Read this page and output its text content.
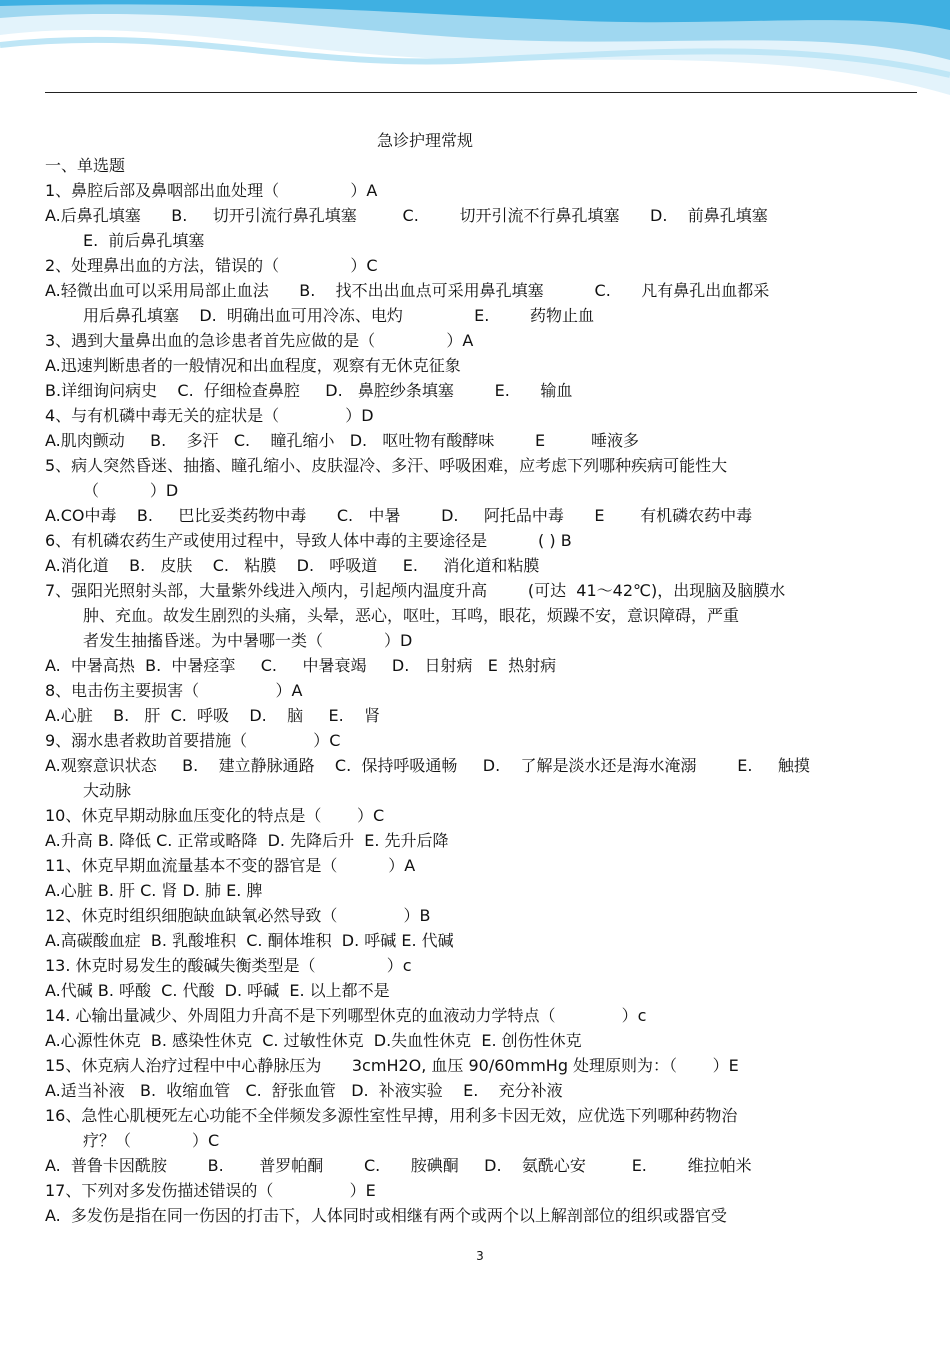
急诊护理常规
一、单选题
1、鼻腔后部及鼻咽部出血处理（              ）A
A.后鼻孔填塞      B.     切开引流行鼻孔填塞         C.        切开引流不行鼻孔填塞      D.    前鼻孔填塞
E.  前后鼻孔填塞
2、处理鼻出血的方法，错误的（              ）C
A.轻微出血可以采用局部止血法      B.    找不出出血点可采用鼻孔填塞          C.      凡有鼻孔出血都采
用后鼻孔填塞    D.  明确出血可用冷冻、电灼              E.        药物止血
3、遇到大量鼻出血的急诊患者首先应做的是（              ）A
A.迅速判断患者的一般情况和出血程度，观察有无休克征象
B.详细询问病史    C.  仔细检查鼻腔     D.   鼻腔纱条填塞        E.      输血
4、与有机磷中毒无关的症状是（             ）D
A.肌肉颤动     B.    多汗   C.    瞳孔缩小   D.   呕吐物有酸酵味        E         唾液多
5、病人突然昏迷、抽搐、瞳孔缩小、皮肤湿冷、多汗、呼吸困难，应考虑下列哪种疾病可能性大
（          ）D
A.CO中毒    B.     巴比妥类药物中毒      C.   中暑        D.     阿托品中毒      E       有机磷农药中毒
6、有机磷农药生产或使用过程中，导致人体中毒的主要途径是          ( ) B
A.消化道    B.   皮肤    C.   粘膜    D.   呼吸道     E.     消化道和粘膜
7、强阳光照射头部，大量紫外线进入颅内，引起颅内温度升高        (可达  41～42℃)，出现脑及脑膜水
肿、充血。故发生剧烈的头痛，头晕，恶心，呕吐，耳鸣，眼花，烦躁不安，意识障碍，严重
者发生抽搐昏迷。为中暑哪一类（            ）D
A.  中暑高热  B.  中暑痉挛     C.     中暑衰竭     D.   日射病   E  热射病
8、电击伤主要损害（               ）A
A.心脏    B.   肝  C.  呼吸    D.    脑     E.    肾
9、溺水患者救助首要措施（             ）C
A.观察意识状态     B.    建立静脉通路    C.  保持呼吸通畅     D.    了解是淡水还是海水淹溺        E.     触摸
大动脉
10、休克早期动脉血压变化的特点是（       ）C
A.升高 B. 降低 C. 正常或略降  D. 先降后升  E. 先升后降
11、休克早期血流量基本不变的器官是（          ）A
A.心脏 B. 肝 C. 肾 D. 肺 E. 脾
12、休克时组织细胞缺血缺氧必然导致（             ）B
A.高碳酸血症  B. 乳酸堆积  C. 酮体堆积  D. 呼碱 E. 代碱
13. 休克时易发生的酸碱失衡类型是（              ）c
A.代碱 B. 呼酸  C. 代酸  D. 呼碱  E. 以上都不是
14. 心输出量减少、外周阻力升高不是下列哪型休克的血液动力学特点（             ）c
A.心源性休克  B. 感染性休克  C. 过敏性休克  D.失血性休克  E. 创伤性休克
15、休克病人治疗过程中中心静脉压为      3cmH2O, 血压 90/60mmHg 处理原则为：（       ）E
A.适当补液   B.  收缩血管   C.  舒张血管   D.  补液实验    E.    充分补液
16、急性心肌梗死左心功能不全伴频发多源性室性早搏，用利多卡因无效，应优选下列哪种药物治
疗？（            ）C
A.  普鲁卡因酰胺        B.       普罗帕酮        C.      胺碘酮     D.    氨酰心安         E.        维拉帕米
17、下列对多发伤描述错误的（               ）E
A.  多发伤是指在同一伤因的打击下，人体同时或相继有两个或两个以上解剖部位的组织或器官受
3
